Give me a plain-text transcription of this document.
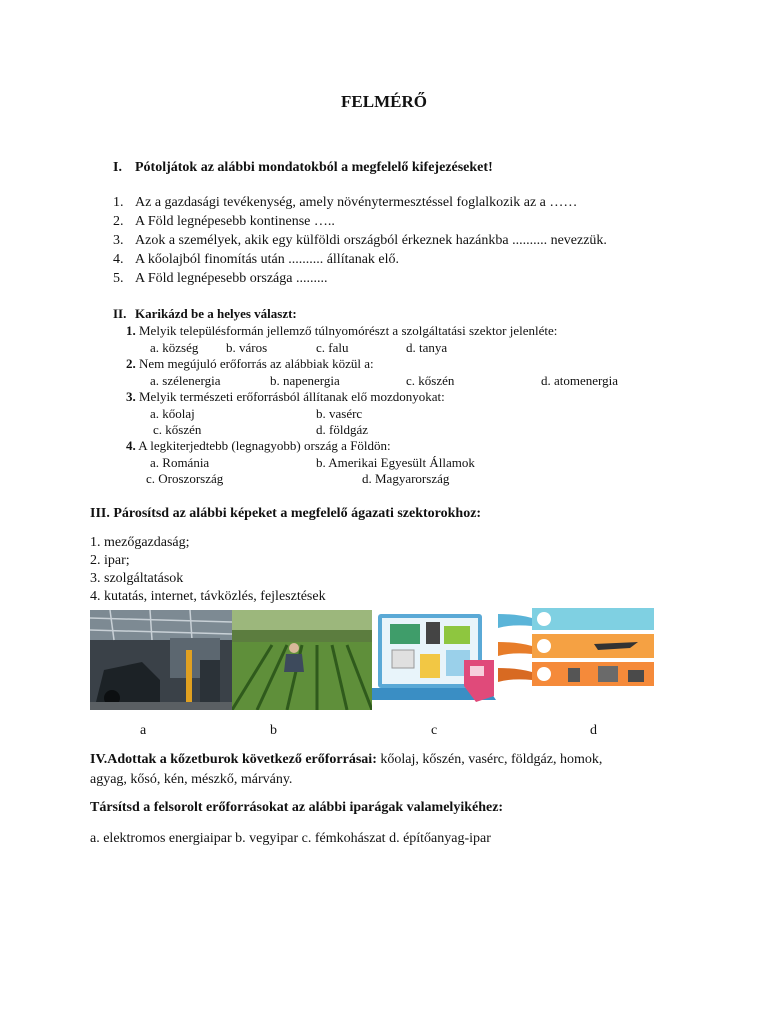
FELMÉRŐ
I. Pótoljátok az alábbi mondatokból a megfelelő kifejezéseket!
1. Az a gazdasági tevékenység, amely növénytermesztéssel foglalkozik az a ……
2. A Föld legnépesebb kontinense …..
3. Azok a személyek, akik egy külföldi országból érkeznek hazánkba .......... nevezzük.
4. A kőolajból finomítás után .......... állítanak elő.
5. A Föld legnépesebb országa .........
II. Karikázd be a helyes választ:
1. Melyik településformán jellemző túlnyomórészt a szolgáltatási szektor jelenléte:
a. község b. város	c. falu	d. tanya
2. Nem megújuló erőforrás az alábbiak közül a:
a. szélenergia	b. napenergia	c. kőszén	d. atomenergia
3. Melyik természeti erőforrásból állítanak elő mozdonyokat:
a. kőolaj	b. vasérc
c. kőszén	d. földgáz
4. A legkiterjedtebb (legnagyobb) ország a Földön:
a. Románia	b. Amerikai Egyesült Államok
c. Oroszország	d. Magyarország
III. Párosítsd az alábbi képeket a megfelelő ágazati szektorokhoz:
1. mezőgazdaság;
2. ipar;
3. szolgáltatások
4. kutatás, internet, távközlés, fejlesztések
a	b	c	d
IV.Adottak a kőzetburok következő erőforrásai: kőolaj, kőszén, vasérc, földgáz, homok,
agyag, kősó, kén, mészkő, márvány.
Társítsd a felsorolt erőforrásokat az alábbi iparágak valamelyikéhez:
a. elektromos energiaipar b. vegyipar c. fémkohászat d. építőanyag-ipar
